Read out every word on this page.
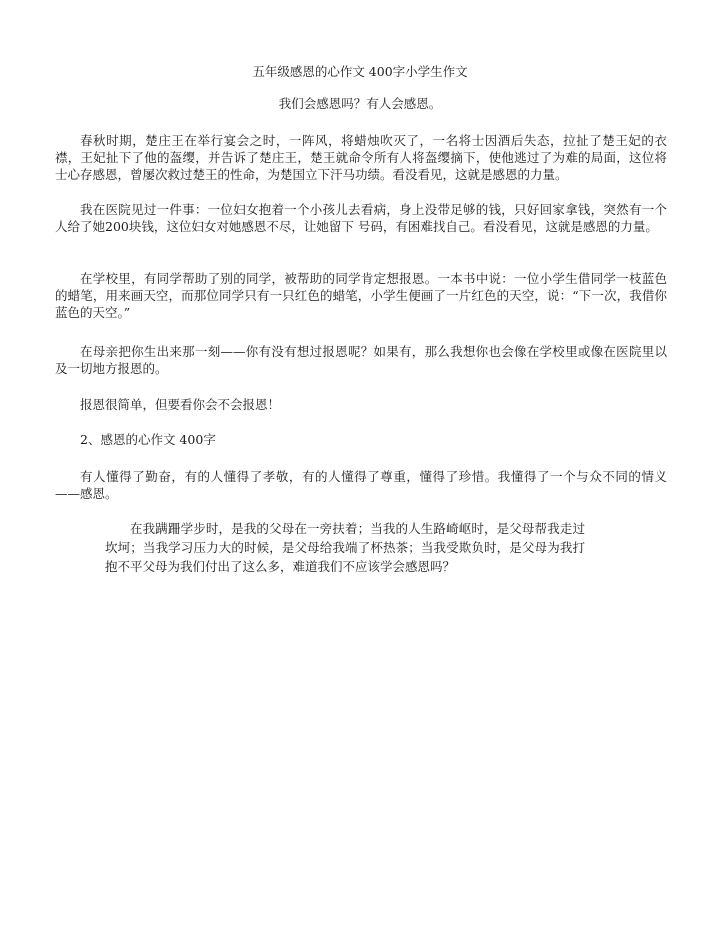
五年级感恩的心作文 400字小学生作文
我们会感恩吗？有人会感恩。

春秋时期，楚庄王在举行宴会之时，一阵风，将蜡烛吹灭了，一名将士因酒后失态，拉扯了楚王妃的衣襟，王妃扯下了他的盔缨，并告诉了楚庄王，楚王就命令所有人将盔缨摘下，使他逃过了为难的局面，这位将士心存感恩，曾屡次救过楚王的性命，为楚国立下汗马功绩。看没看见，这就是感恩的力量。

我在医院见过一件事：一位妇女抱着一个小孩儿去看病，身上没带足够的钱，只好回家拿钱，突然有一个人给了她200块钱，这位妇女对她感恩不尽，让她留下 号码，有困难找自己。看没看见，这就是感恩的力量。

在学校里，有同学帮助了别的同学，被帮助的同学肯定想报恩。一本书中说：一位小学生借同学一枝蓝色的蜡笔，用来画天空，而那位同学只有一只红色的蜡笔，小学生便画了一片红色的天空，说：“下一次，我借你蓝色的天空。”

在母亲把你生出来那一刻——你有没有想过报恩呢？如果有，那么我想你也会像在学校里或像在医院里以及一切地方报恩的。

报恩很简单，但要看你会不会报恩！
2、感恩的心作文 400字

有人懂得了勤奋，有的人懂得了孝敬，有的人懂得了尊重，懂得了珍惜。我懂得了一个与众不同的情义——感恩。

在我蹒跚学步时，是我的父母在一旁扶着；当我的人生路崎岖时，是父母帮我走过坎坷；当我学习压力大的时候，是父母给我端了杯热茶；当我受欺负时，是父母为我打抱不平父母为我们付出了这么多，难道我们不应该学会感恩吗？
